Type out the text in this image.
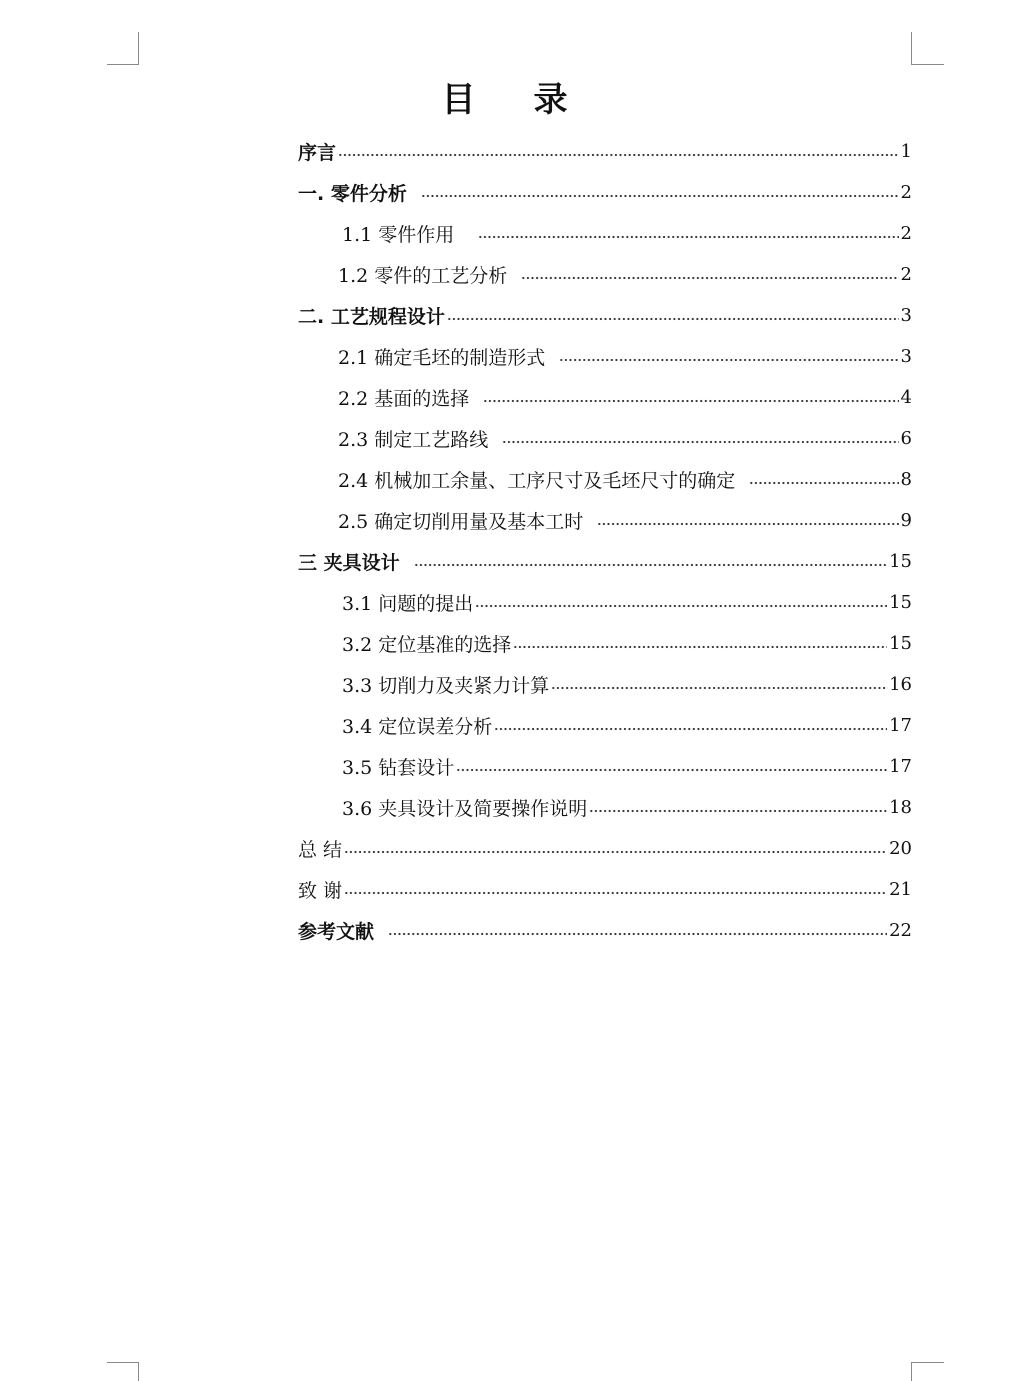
目 录
序言	1
一. 零件分析	2
1.1 零件作用	2
1.2 零件的工艺分析	2
二. 工艺规程设计	3
2.1 确定毛坯的制造形式	3
2.2 基面的选择	4
2.3 制定工艺路线	6
2.4 机械加工余量、工序尺寸及毛坯尺寸的确定	8
2.5 确定切削用量及基本工时	9
三 夹具设计	15
3.1 问题的提出	15
3.2 定位基准的选择	15
3.3 切削力及夹紧力计算	16
3.4 定位误差分析	17
3.5 钻套设计	17
3.6 夹具设计及简要操作说明	18
总 结	20
致 谢	21
参考文献	22
